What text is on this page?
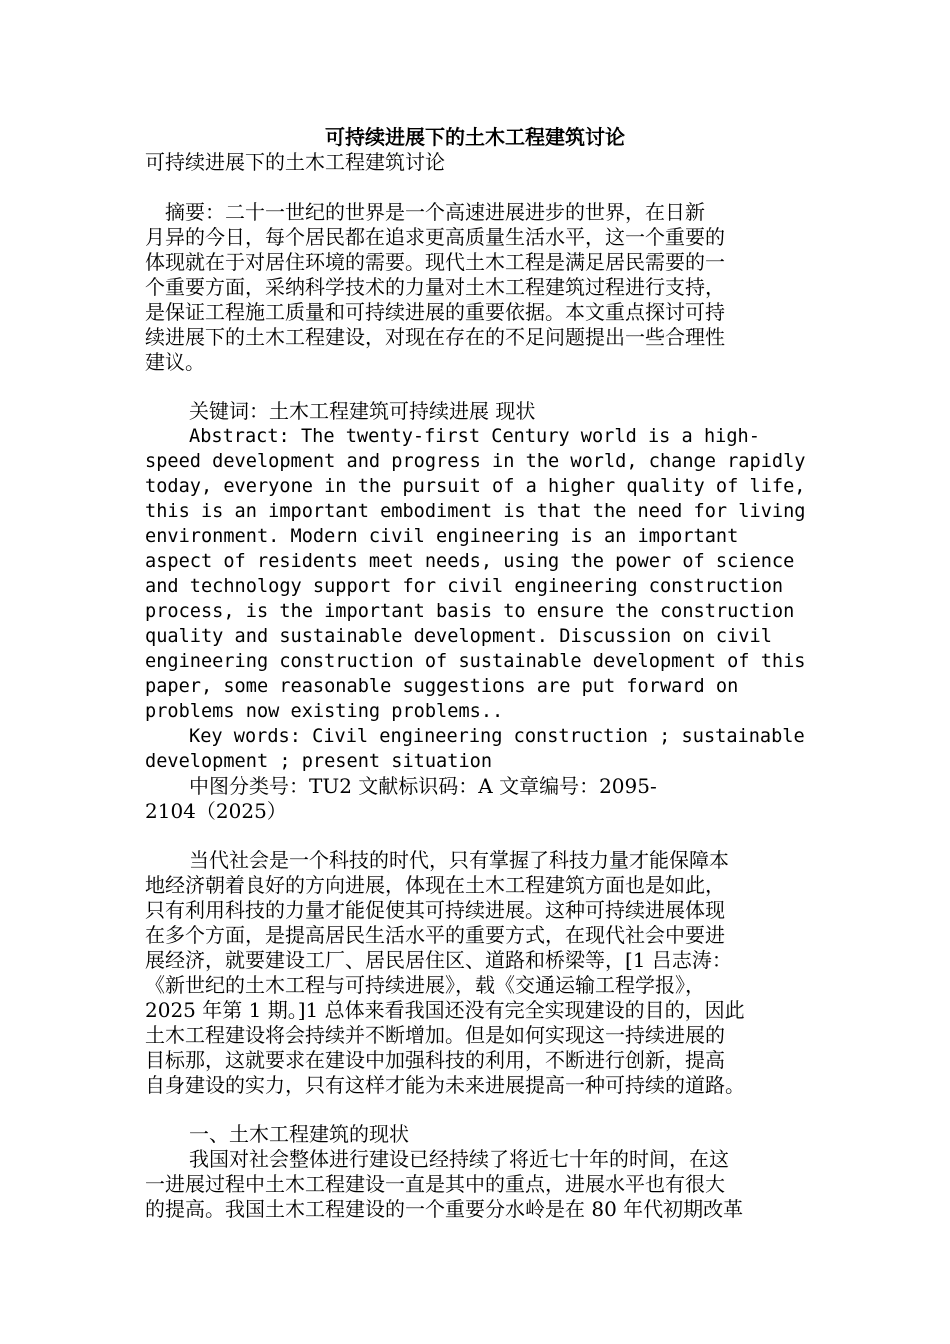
可持续进展下的土木工程建筑讨论
可持续进展下的土木工程建筑讨论
　摘要：二十一世纪的世界是一个高速进展进步的世界，在日新
月异的今日，每个居民都在追求更高质量生活水平，这一个重要的
体现就在于对居住环境的需要。现代土木工程是满足居民需要的一
个重要方面，采纳科学技术的力量对土木工程建筑过程进行支持，
是保证工程施工质量和可持续进展的重要依据。本文重点探讨可持
续进展下的土木工程建设，对现在存在的不足问题提出一些合理性
建议。
关键词：土木工程建筑可持续进展 现状
Abstract: The twenty-first Century world is a high-
speed development and progress in the world, change rapidly
today, everyone in the pursuit of a higher quality of life,
this is an important embodiment is that the need for living
environment. Modern civil engineering is an important
aspect of residents meet needs, using the power of science
and technology support for civil engineering construction
process, is the important basis to ensure the construction
quality and sustainable development. Discussion on civil
engineering construction of sustainable development of this
paper, some reasonable suggestions are put forward on
problems now existing problems..
Key words: Civil engineering construction ; sustainable
development ; present situation
中图分类号：TU2 文献标识码：A 文章编号：2095-
2104（2025）
当代社会是一个科技的时代，只有掌握了科技力量才能保障本
地经济朝着良好的方向进展，体现在土木工程建筑方面也是如此，
只有利用科技的力量才能促使其可持续进展。这种可持续进展体现
在多个方面，是提高居民生活水平的重要方式，在现代社会中要进
展经济，就要建设工厂、居民居住区、道路和桥梁等，[1 吕志涛：
《新世纪的土木工程与可持续进展》，载《交通运输工程学报》，
2025 年第 1 期。]1 总体来看我国还没有完全实现建设的目的，因此
土木工程建设将会持续并不断增加。但是如何实现这一持续进展的
目标那，这就要求在建设中加强科技的利用，不断进行创新，提高
自身建设的实力，只有这样才能为未来进展提高一种可持续的道路。
一、土木工程建筑的现状
我国对社会整体进行建设已经持续了将近七十年的时间，在这
一进展过程中土木工程建设一直是其中的重点，进展水平也有很大
的提高。我国土木工程建设的一个重要分水岭是在 80 年代初期改革
